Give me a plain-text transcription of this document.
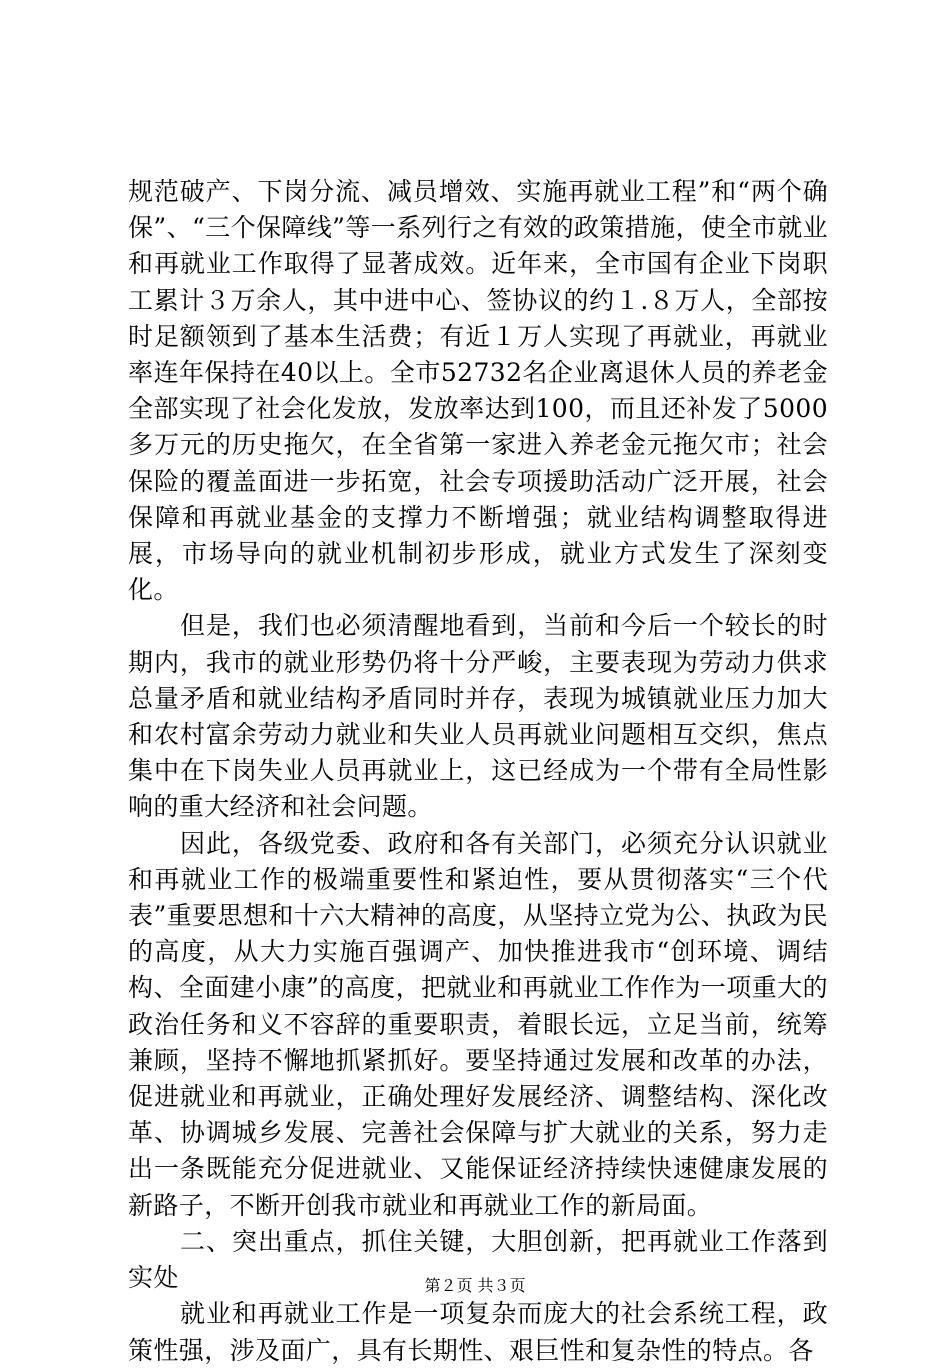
规范破产、下岗分流、减员增效、实施再就业工程”和“两个确保”、“三个保障线”等一系列行之有效的政策措施，使全市就业和再就业工作取得了显著成效。近年来，全市国有企业下岗职工累计３万余人，其中进中心、签协议的约１.８万人，全部按时足额领到了基本生活费；有近１万人实现了再就业，再就业率连年保持在40以上。全市52732名企业离退休人员的养老金全部实现了社会化发放，发放率达到100，而且还补发了5000多万元的历史拖欠，在全省第一家进入养老金元拖欠市；社会保险的覆盖面进一步拓宽，社会专项援助活动广泛开展，社会保障和再就业基金的支撑力不断增强；就业结构调整取得进展，市场导向的就业机制初步形成，就业方式发生了深刻变化。

但是，我们也必须清醒地看到，当前和今后一个较长的时期内，我市的就业形势仍将十分严峻，主要表现为劳动力供求总量矛盾和就业结构矛盾同时并存，表现为城镇就业压力加大和农村富余劳动力就业和失业人员再就业问题相互交织，焦点集中在下岗失业人员再就业上，这已经成为一个带有全局性影响的重大经济和社会问题。

因此，各级党委、政府和各有关部门，必须充分认识就业和再就业工作的极端重要性和紧迫性，要从贯彻落实“三个代表”重要思想和十六大精神的高度，从坚持立党为公、执政为民的高度，从大力实施百强调产、加快推进我市“创环境、调结构、全面建小康”的高度，把就业和再就业工作作为一项重大的政治任务和义不容辞的重要职责，着眼长远，立足当前，统筹兼顾，坚持不懈地抓紧抓好。要坚持通过发展和改革的办法，促进就业和再就业，正确处理好发展经济、调整结构、深化改革、协调城乡发展、完善社会保障与扩大就业的关系，努力走出一条既能充分促进就业、又能保证经济持续快速健康发展的新路子，不断开创我市就业和再就业工作的新局面。

二、突出重点，抓住关键，大胆创新，把再就业工作落到实处

就业和再就业工作是一项复杂而庞大的社会系统工程，政策性强，涉及面广，具有长期性、艰巨性和复杂性的特点。各

第２页 共３页
